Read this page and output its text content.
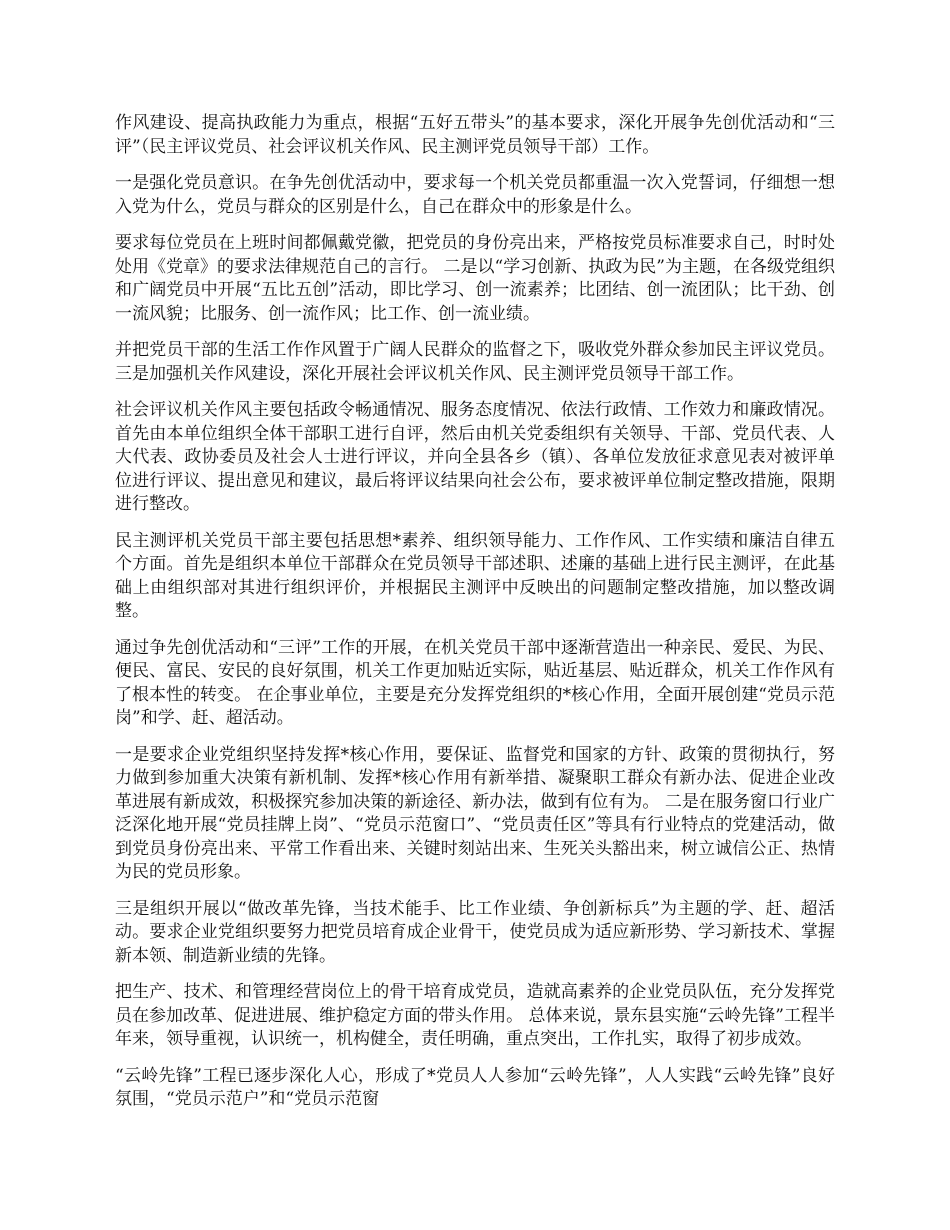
作风建设、提高执政能力为重点，根据“五好五带头”的基本要求，深化开展争先创优活动和“三评”（民主评议党员、社会评议机关作风、民主测评党员领导干部）工作。

一是强化党员意识。在争先创优活动中，要求每一个机关党员都重温一次入党誓词，仔细想一想入党为什么，党员与群众的区别是什么，自己在群众中的形象是什么。

要求每位党员在上班时间都佩戴党徽，把党员的身份亮出来，严格按党员标准要求自己，时时处处用《党章》的要求法律规范自己的言行。 二是以“学习创新、执政为民”为主题，在各级党组织和广阔党员中开展“五比五创”活动，即比学习、创一流素养；比团结、创一流团队；比干劲、创一流风貌；比服务、创一流作风；比工作、创一流业绩。

并把党员干部的生活工作作风置于广阔人民群众的监督之下，吸收党外群众参加民主评议党员。 三是加强机关作风建设，深化开展社会评议机关作风、民主测评党员领导干部工作。

社会评议机关作风主要包括政令畅通情况、服务态度情况、依法行政情、工作效力和廉政情况。首先由本单位组织全体干部职工进行自评，然后由机关党委组织有关领导、干部、党员代表、人大代表、政协委员及社会人士进行评议，并向全县各乡（镇）、各单位发放征求意见表对被评单位进行评议、提出意见和建议，最后将评议结果向社会公布，要求被评单位制定整改措施，限期进行整改。

民主测评机关党员干部主要包括思想*素养、组织领导能力、工作作风、工作实绩和廉洁自律五个方面。首先是组织本单位干部群众在党员领导干部述职、述廉的基础上进行民主测评，在此基础上由组织部对其进行组织评价，并根据民主测评中反映出的问题制定整改措施，加以整改调整。

通过争先创优活动和“三评”工作的开展，在机关党员干部中逐渐营造出一种亲民、爱民、为民、便民、富民、安民的良好氛围，机关工作更加贴近实际，贴近基层、贴近群众，机关工作作风有了根本性的转变。 在企事业单位，主要是充分发挥党组织的*核心作用，全面开展创建“党员示范岗”和学、赶、超活动。

一是要求企业党组织坚持发挥*核心作用，要保证、监督党和国家的方针、政策的贯彻执行，努力做到参加重大决策有新机制、发挥*核心作用有新举措、凝聚职工群众有新办法、促进企业改革进展有新成效，积极探究参加决策的新途径、新办法，做到有位有为。 二是在服务窗口行业广泛深化地开展“党员挂牌上岗”、“党员示范窗口”、“党员责任区”等具有行业特点的党建活动，做到党员身份亮出来、平常工作看出来、关键时刻站出来、生死关头豁出来，树立诚信公正、热情为民的党员形象。

三是组织开展以“做改革先锋，当技术能手、比工作业绩、争创新标兵”为主题的学、赶、超活动。要求企业党组织要努力把党员培育成企业骨干，使党员成为适应新形势、学习新技术、掌握新本领、制造新业绩的先锋。

把生产、技术、和管理经营岗位上的骨干培育成党员，造就高素养的企业党员队伍，充分发挥党员在参加改革、促进进展、维护稳定方面的带头作用。 总体来说，景东县实施“云岭先锋”工程半年来，领导重视，认识统一，机构健全，责任明确，重点突出，工作扎实，取得了初步成效。

“云岭先锋”工程已逐步深化人心，形成了*党员人人参加“云岭先锋”，人人实践“云岭先锋”良好氛围，“党员示范户”和“党员示范窗
